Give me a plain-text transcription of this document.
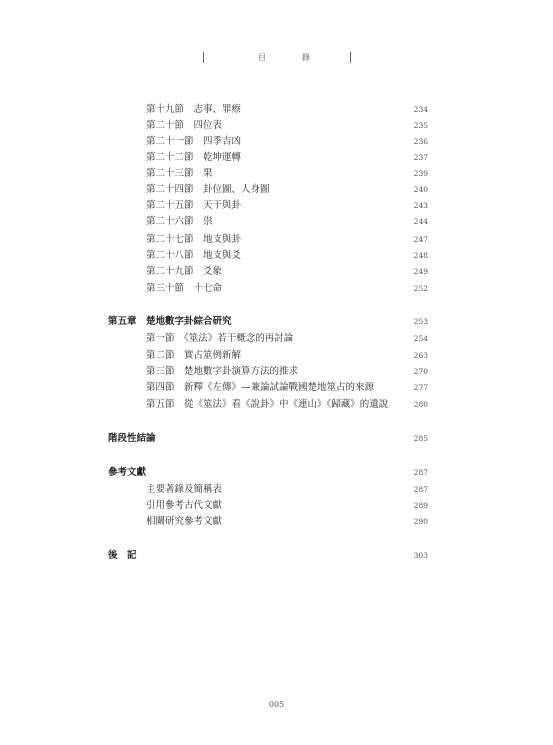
目　錄
第十九節　志事、罪瘵	234
第二十節　四位表	235
第二十一節　四季吉凶	236
第二十二節　乾坤運轉	237
第二十三節　果	239
第二十四節　卦位圖、人身圖	240
第二十五節　天干與卦	243
第二十六節　祟	244
第二十七節　地支與卦	247
第二十八節　地支與爻	248
第二十九節　爻象	249
第三十節　十七命	252
第五章　楚地數字卦綜合研究	253
第一節　《筮法》若干概念的再討論	254
第二節　實占筮例新解	263
第三節　楚地數字卦演算方法的推求	270
第四節　新釋《左傳》—兼論試論戰國楚地筮占的來源	277
第五節　從《筮法》看《說卦》中《連山》《歸藏》的遺說	280
階段性結論	285
參考文獻	287
主要著錄及簡稱表	287
引用參考古代文獻	289
相關研究參考文獻	290
後　記	303
005
